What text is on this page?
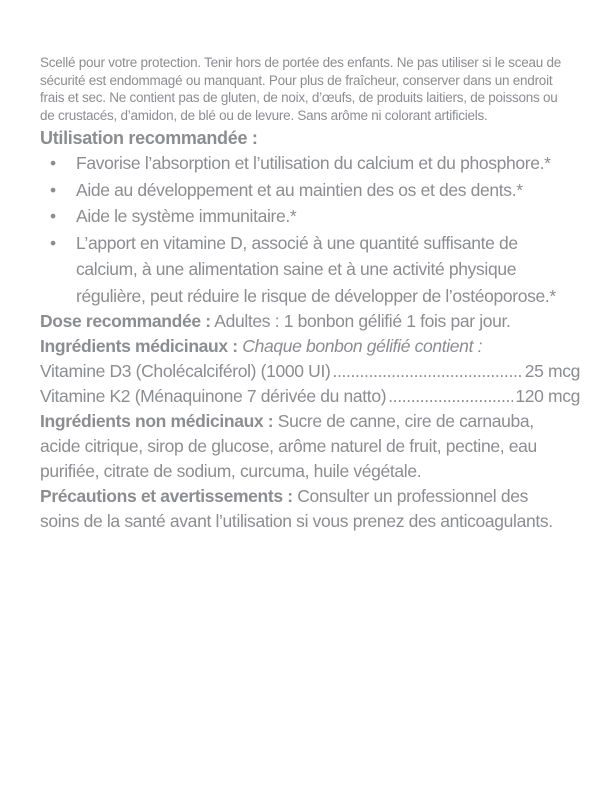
Scellé pour votre protection. Tenir hors de portée des enfants. Ne pas utiliser si le sceau de sécurité est endommagé ou manquant. Pour plus de fraîcheur, conserver dans un endroit frais et sec. Ne contient pas de gluten, de noix, d’œufs, de produits laitiers, de poissons ou de crustacés, d’amidon, de blé ou de levure. Sans arôme ni colorant artificiels.

Utilisation recommandée :
• Favorise l’absorption et l’utilisation du calcium et du phosphore.*
• Aide au développement et au maintien des os et des dents.*
• Aide le système immunitaire.*
• L’apport en vitamine D, associé à une quantité suffisante de calcium, à une alimentation saine et à une activité physique régulière, peut réduire le risque de développer de l’ostéoporose.*

Dose recommandée : Adultes : 1 bonbon gélifié 1 fois par jour.

Ingrédients médicinaux : Chaque bonbon gélifié contient :

Vitamine D3 (Cholécalciférol) (1000 UI) .....	25 mcg
Vitamine K2 (Ménaquinone 7 dérivée du natto) .....	120 mcg

Ingrédients non médicinaux : Sucre de canne, cire de carnauba, acide citrique, sirop de glucose, arôme naturel de fruit, pectine, eau purifiée, citrate de sodium, curcuma, huile végétale.

Précautions et avertissements : Consulter un professionnel des soins de la santé avant l’utilisation si vous prenez des anticoagulants.
